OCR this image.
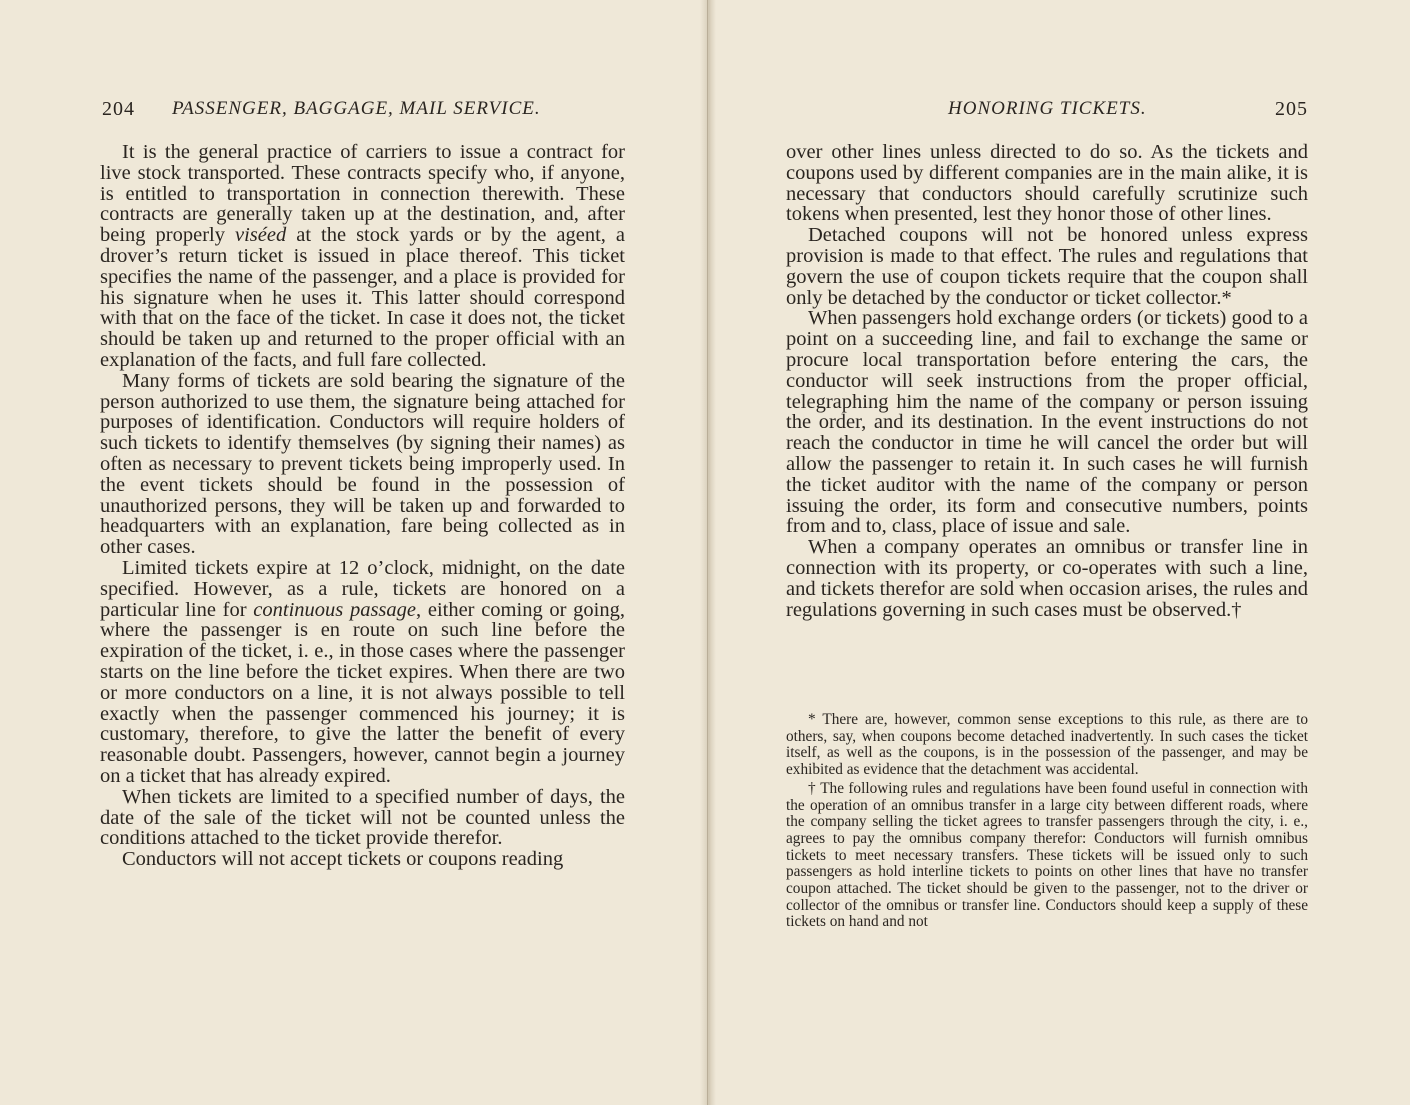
204 PASSENGER, BAGGAGE, MAIL SERVICE.

It is the general practice of carriers to issue a contract for live stock transported. These contracts specify who, if anyone, is entitled to transportation in connection therewith. These contracts are generally taken up at the destination, and, after being properly viséed at the stock yards or by the agent, a drover’s return ticket is issued in place thereof. This ticket specifies the name of the passenger, and a place is provided for his signature when he uses it. This latter should correspond with that on the face of the ticket. In case it does not, the ticket should be taken up and returned to the proper official with an explanation of the facts, and full fare collected.

Many forms of tickets are sold bearing the signature of the person authorized to use them, the signature being attached for purposes of identification. Conductors will require holders of such tickets to identify themselves (by signing their names) as often as necessary to prevent tickets being improperly used. In the event tickets should be found in the possession of unauthorized persons, they will be taken up and forwarded to headquarters with an explanation, fare being collected as in other cases.

Limited tickets expire at 12 o’clock, midnight, on the date specified. However, as a rule, tickets are honored on a particular line for continuous passage, either coming or going, where the passenger is en route on such line before the expiration of the ticket, i. e., in those cases where the passenger starts on the line before the ticket expires. When there are two or more conductors on a line, it is not always possible to tell exactly when the passenger commenced his journey; it is customary, therefore, to give the latter the benefit of every reasonable doubt. Passengers, however, cannot begin a journey on a ticket that has already expired.

When tickets are limited to a specified number of days, the date of the sale of the ticket will not be counted unless the conditions attached to the ticket provide therefor.

Conductors will not accept tickets or coupons reading

HONORING TICKETS.	205

over other lines unless directed to do so. As the tickets and coupons used by different companies are in the main alike, it is necessary that conductors should carefully scrutinize such tokens when presented, lest they honor those of other lines.

Detached coupons will not be honored unless express provision is made to that effect. The rules and regulations that govern the use of coupon tickets require that the coupon shall only be detached by the conductor or ticket collector.*

When passengers hold exchange orders (or tickets) good to a point on a succeeding line, and fail to exchange the same or procure local transportation before entering the cars, the conductor will seek instructions from the proper official, telegraphing him the name of the company or person issuing the order, and its destination. In the event instructions do not reach the conductor in time he will cancel the order but will allow the passenger to retain it. In such cases he will furnish the ticket auditor with the name of the company or person issuing the order, its form and consecutive numbers, points from and to, class, place of issue and sale.

When a company operates an omnibus or transfer line in connection with its property, or co-operates with such a line, and tickets therefor are sold when occasion arises, the rules and regulations governing in such cases must be observed.†

* There are, however, common sense exceptions to this rule, as there are to others, say, when coupons become detached inadvertently. In such cases the ticket itself, as well as the coupons, is in the possession of the passenger, and may be exhibited as evidence that the detachment was accidental.

† The following rules and regulations have been found useful in connection with the operation of an omnibus transfer in a large city between different roads, where the company selling the ticket agrees to transfer passengers through the city, i. e., agrees to pay the omnibus company therefor: Conductors will furnish omnibus tickets to meet necessary transfers. These tickets will be issued only to such passengers as hold interline tickets to points on other lines that have no transfer coupon attached. The ticket should be given to the passenger, not to the driver or collector of the omnibus or transfer line. Conductors should keep a supply of these tickets on hand and not
